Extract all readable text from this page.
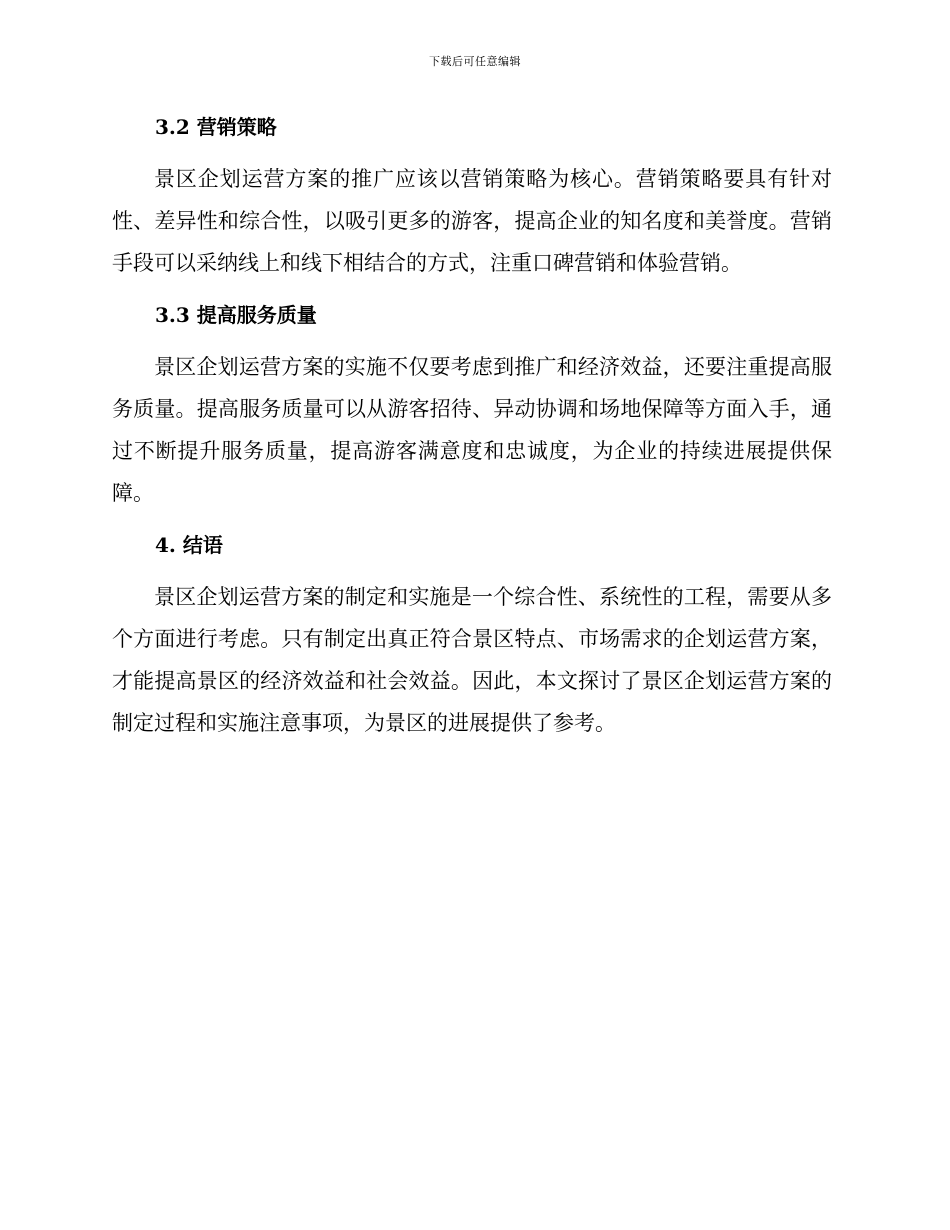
下载后可任意编辑
3.2 营销策略

景区企划运营方案的推广应该以营销策略为核心。营销策略要具有针对性、差异性和综合性，以吸引更多的游客，提高企业的知名度和美誉度。营销手段可以采纳线上和线下相结合的方式，注重口碑营销和体验营销。

3.3 提高服务质量

景区企划运营方案的实施不仅要考虑到推广和经济效益，还要注重提高服务质量。提高服务质量可以从游客招待、异动协调和场地保障等方面入手，通过不断提升服务质量，提高游客满意度和忠诚度，为企业的持续进展提供保障。

4. 结语

景区企划运营方案的制定和实施是一个综合性、系统性的工程，需要从多个方面进行考虑。只有制定出真正符合景区特点、市场需求的企划运营方案，才能提高景区的经济效益和社会效益。因此，本文探讨了景区企划运营方案的制定过程和实施注意事项，为景区的进展提供了参考。
